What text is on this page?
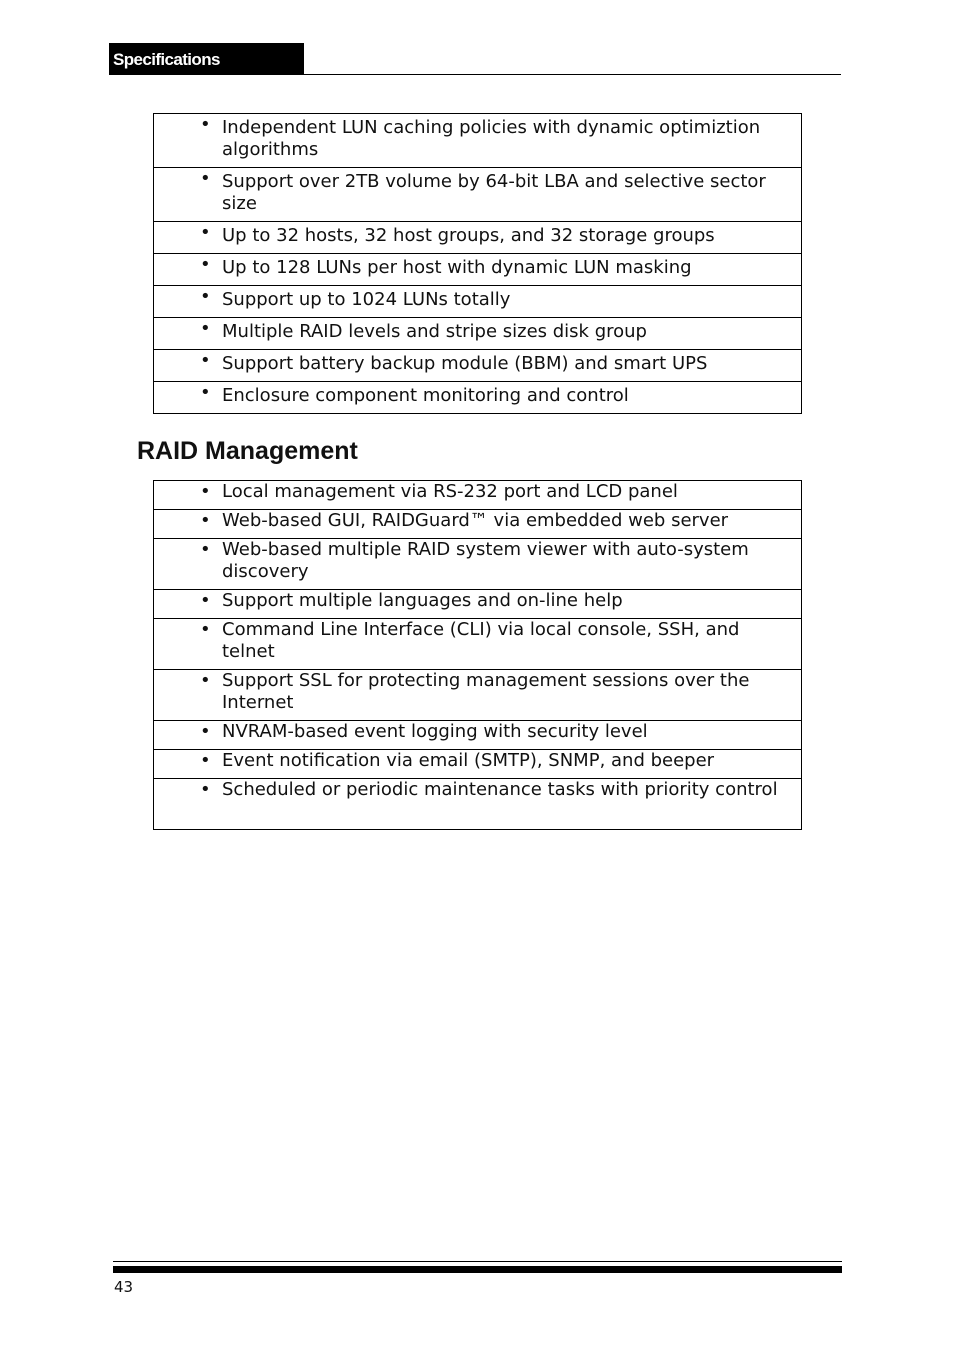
Specifications
• Independent LUN caching policies with dynamic optimiztion algorithms

• Support over 2TB volume by 64-bit LBA and selective sector size

• Up to 32 hosts, 32 host groups, and 32 storage groups

• Up to 128 LUNs per host with dynamic LUN masking

• Support up to 1024 LUNs totally

• Multiple RAID levels and stripe sizes disk group

• Support battery backup module (BBM) and smart UPS

• Enclosure component monitoring and control
RAID Management
• Local management via RS-232 port and LCD panel

• Web-based GUI, RAIDGuard™ via embedded web server

• Web-based multiple RAID system viewer with auto-system discovery

• Support multiple languages and on-line help

• Command Line Interface (CLI) via local console, SSH, and telnet

• Support SSL for protecting management sessions over the Internet

• NVRAM-based event logging with security level

• Event notification via email (SMTP), SNMP, and beeper

• Scheduled or periodic maintenance tasks with priority control
43
